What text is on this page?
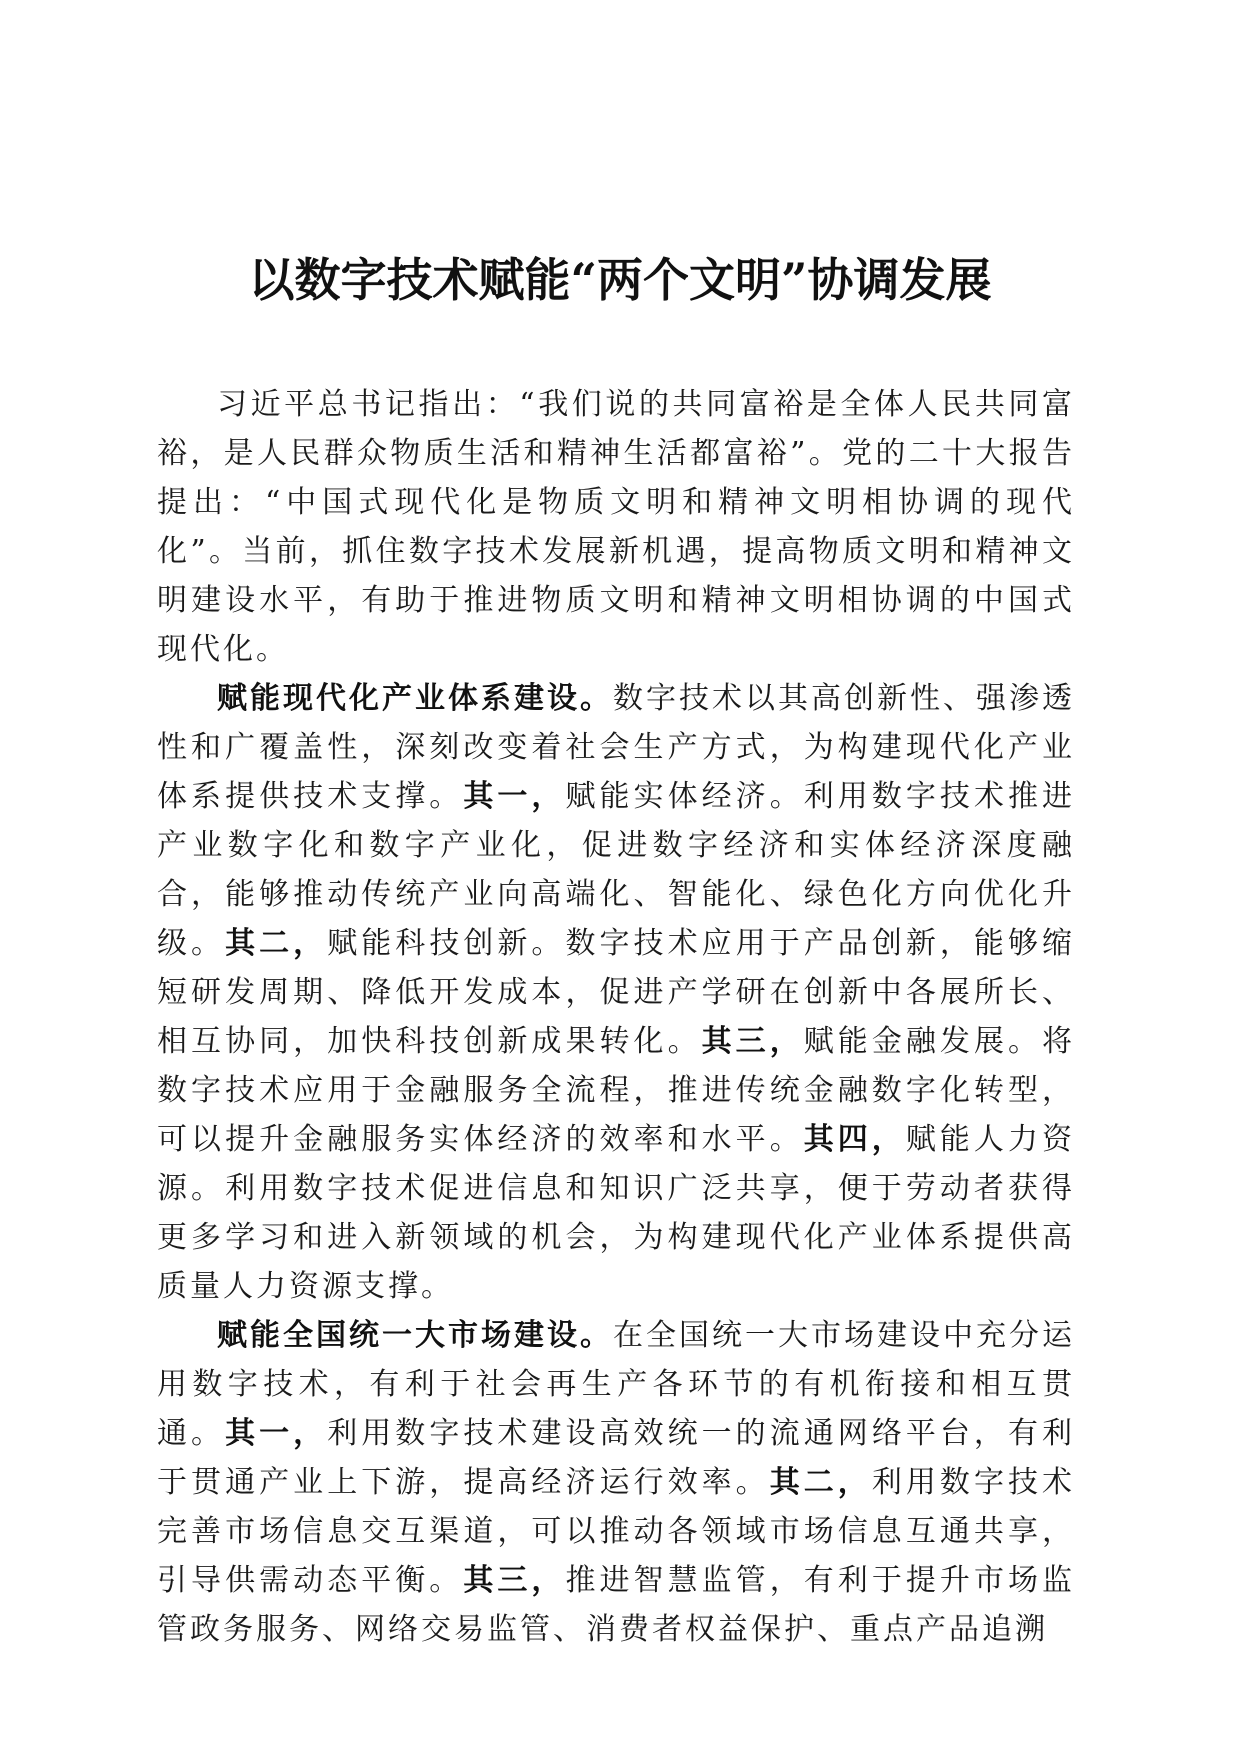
以数字技术赋能“两个文明”协调发展

习近平总书记指出：“我们说的共同富裕是全体人民共同富裕，是人民群众物质生活和精神生活都富裕”。党的二十大报告提出：“中国式现代化是物质文明和精神文明相协调的现代化”。当前，抓住数字技术发展新机遇，提高物质文明和精神文明建设水平，有助于推进物质文明和精神文明相协调的中国式现代化。

赋能现代化产业体系建设。数字技术以其高创新性、强渗透性和广覆盖性，深刻改变着社会生产方式，为构建现代化产业体系提供技术支撑。其一，赋能实体经济。利用数字技术推进产业数字化和数字产业化，促进数字经济和实体经济深度融合，能够推动传统产业向高端化、智能化、绿色化方向优化升级。其二，赋能科技创新。数字技术应用于产品创新，能够缩短研发周期、降低开发成本，促进产学研在创新中各展所长、相互协同，加快科技创新成果转化。其三，赋能金融发展。将数字技术应用于金融服务全流程，推进传统金融数字化转型，可以提升金融服务实体经济的效率和水平。其四，赋能人力资源。利用数字技术促进信息和知识广泛共享，便于劳动者获得更多学习和进入新领域的机会，为构建现代化产业体系提供高质量人力资源支撑。

赋能全国统一大市场建设。在全国统一大市场建设中充分运用数字技术，有利于社会再生产各环节的有机衔接和相互贯通。其一，利用数字技术建设高效统一的流通网络平台，有利于贯通产业上下游，提高经济运行效率。其二，利用数字技术完善市场信息交互渠道，可以推动各领域市场信息互通共享，引导供需动态平衡。其三，推进智慧监管，有利于提升市场监管政务服务、网络交易监管、消费者权益保护、重点产品追溯
